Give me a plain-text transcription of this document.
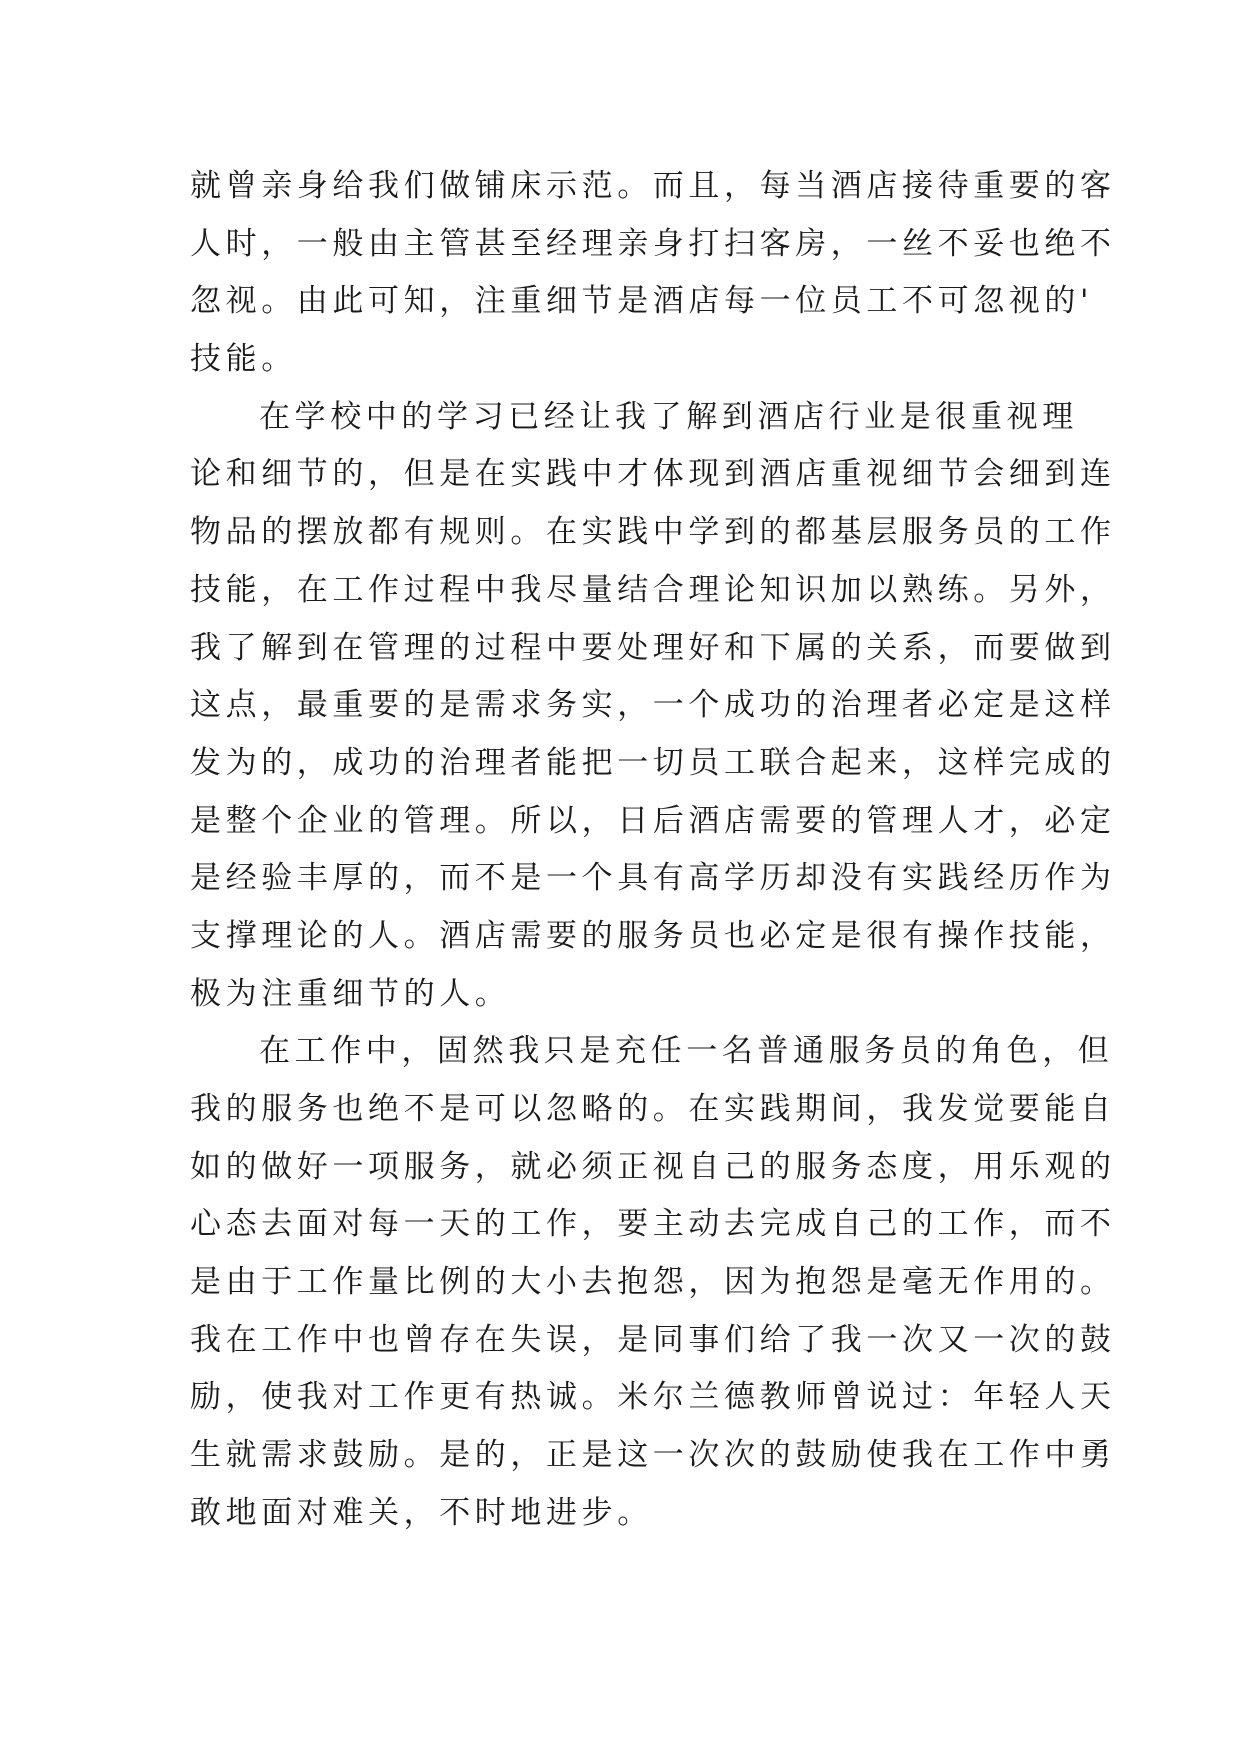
就曾亲身给我们做铺床示范。而且，每当酒店接待重要的客
人时，一般由主管甚至经理亲身打扫客房，一丝不妥也绝不
忽视。由此可知，注重细节是酒店每一位员工不可忽视的'
技能。
在学校中的学习已经让我了解到酒店行业是很重视理
论和细节的，但是在实践中才体现到酒店重视细节会细到连
物品的摆放都有规则。在实践中学到的都基层服务员的工作
技能，在工作过程中我尽量结合理论知识加以熟练。另外，
我了解到在管理的过程中要处理好和下属的关系，而要做到
这点，最重要的是需求务实，一个成功的治理者必定是这样
发为的，成功的治理者能把一切员工联合起来，这样完成的
是整个企业的管理。所以，日后酒店需要的管理人才，必定
是经验丰厚的，而不是一个具有高学历却没有实践经历作为
支撑理论的人。酒店需要的服务员也必定是很有操作技能，
极为注重细节的人。
在工作中，固然我只是充任一名普通服务员的角色，但
我的服务也绝不是可以忽略的。在实践期间，我发觉要能自
如的做好一项服务，就必须正视自己的服务态度，用乐观的
心态去面对每一天的工作，要主动去完成自己的工作，而不
是由于工作量比例的大小去抱怨，因为抱怨是毫无作用的。
我在工作中也曾存在失误，是同事们给了我一次又一次的鼓
励，使我对工作更有热诚。米尔兰德教师曾说过：年轻人天
生就需求鼓励。是的，正是这一次次的鼓励使我在工作中勇
敢地面对难关，不时地进步。
